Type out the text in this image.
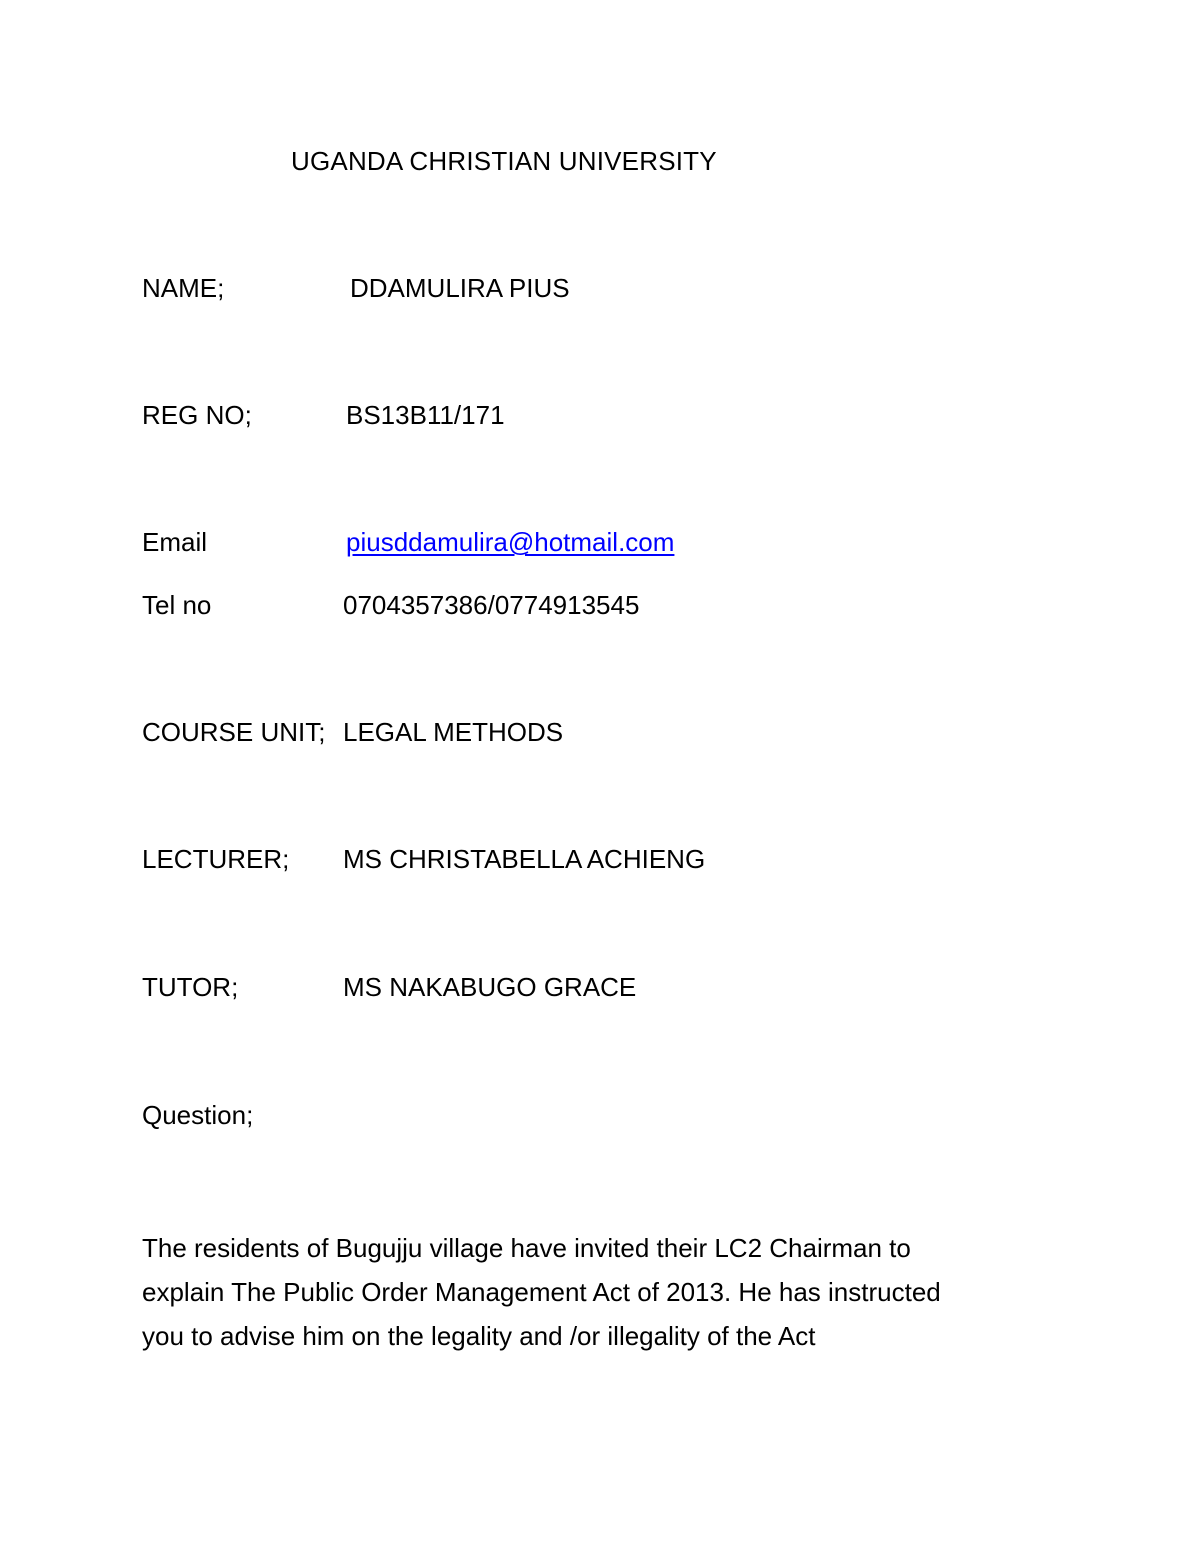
UGANDA CHRISTIAN UNIVERSITY
NAME;	DDAMULIRA PIUS
REG NO;	BS13B11/171
Email	piusddamulira@hotmail.com
Tel no	0704357386/0774913545
COURSE UNIT; LEGAL METHODS
LECTURER; MS CHRISTABELLA ACHIENG
TUTOR;	MS NAKABUGO GRACE
Question;
The residents of Bugujju village have invited their LC2 Chairman to
explain The Public Order Management Act of 2013. He has instructed
you to advise him on the legality and /or illegality of the Act
